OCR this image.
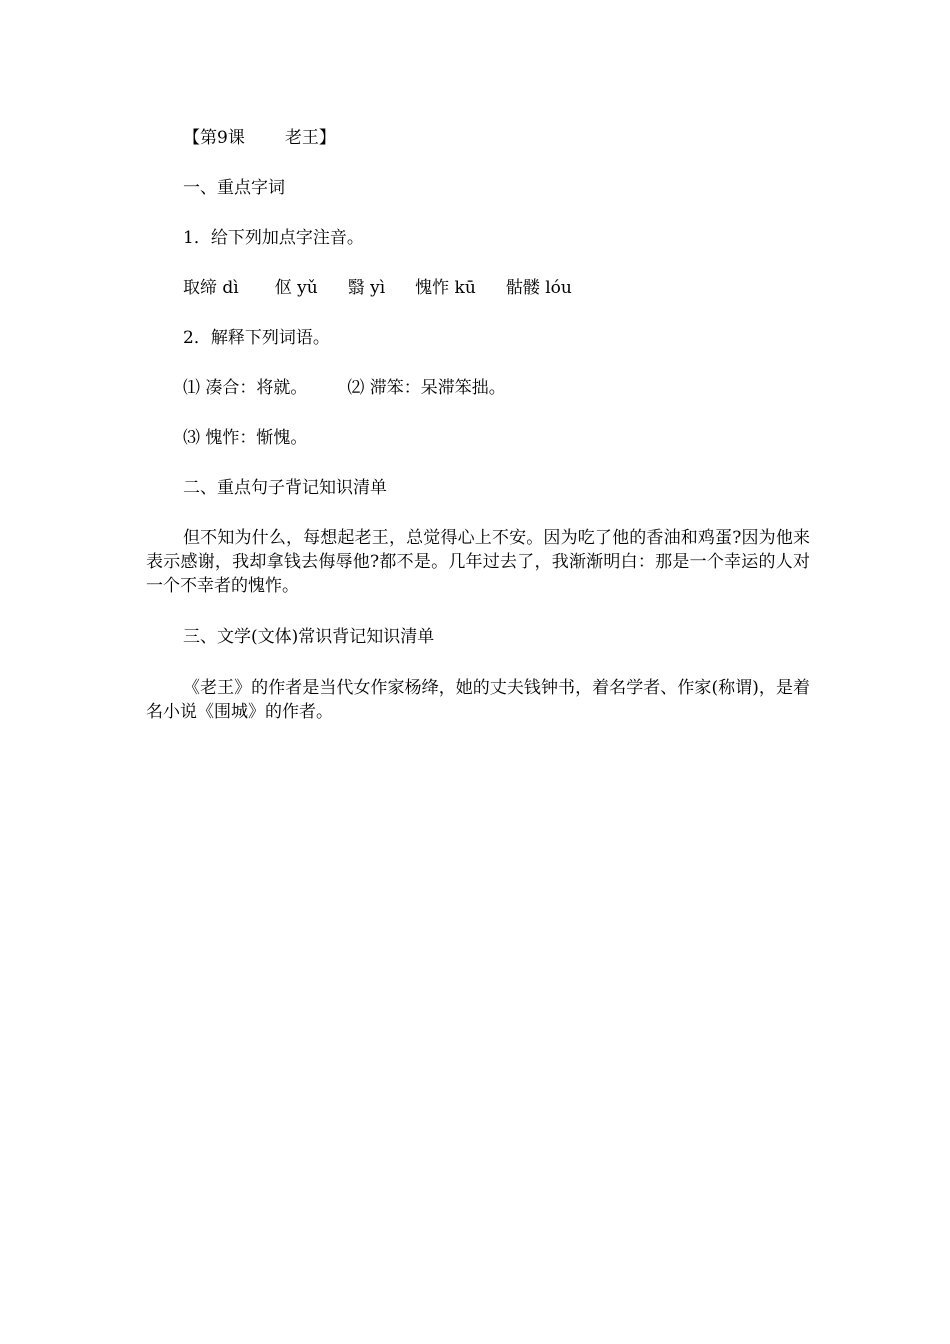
【第9课 老王】
一、重点字词
1．给下列加点字注音。
取缔 dì 伛 yǔ 翳 yì 愧怍 kū 骷髅 lóu
2．解释下列词语。
⑴ 凑合：将就。 ⑵ 滞笨：呆滞笨拙。
⑶ 愧怍：惭愧。
二、重点句子背记知识清单
但不知为什么，每想起老王，总觉得心上不安。因为吃了他的香油和鸡蛋?因为他来表示感谢，我却拿钱去侮辱他?都不是。几年过去了，我渐渐明白：那是一个幸运的人对一个不幸者的愧怍。
三、文学(文体)常识背记知识清单
《老王》的作者是当代女作家杨绛，她的丈夫钱钟书，着名学者、作家(称谓)，是着名小说《围城》的作者。
